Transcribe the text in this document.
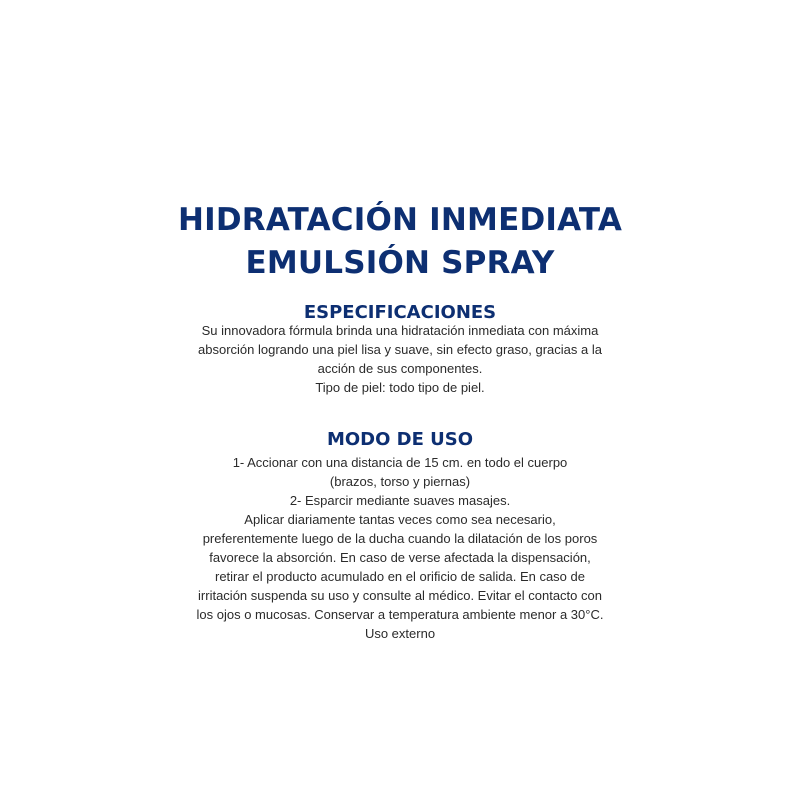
HIDRATACIÓN INMEDIATA
EMULSIÓN SPRAY
ESPECIFICACIONES

Su innovadora fórmula brinda una hidratación inmediata con máxima
absorción logrando una piel lisa y suave, sin efecto graso, gracias a la
acción de sus componentes.
Tipo de piel: todo tipo de piel.

MODO DE USO

1- Accionar con una distancia de 15 cm. en todo el cuerpo
(brazos, torso y piernas)
2- Esparcir mediante suaves masajes.
Aplicar diariamente tantas veces como sea necesario,
preferentemente luego de la ducha cuando la dilatación de los poros
favorece la absorción. En caso de verse afectada la dispensación,
retirar el producto acumulado en el orificio de salida. En caso de
irritación suspenda su uso y consulte al médico. Evitar el contacto con
los ojos o mucosas. Conservar a temperatura ambiente menor a 30°C.
Uso externo
